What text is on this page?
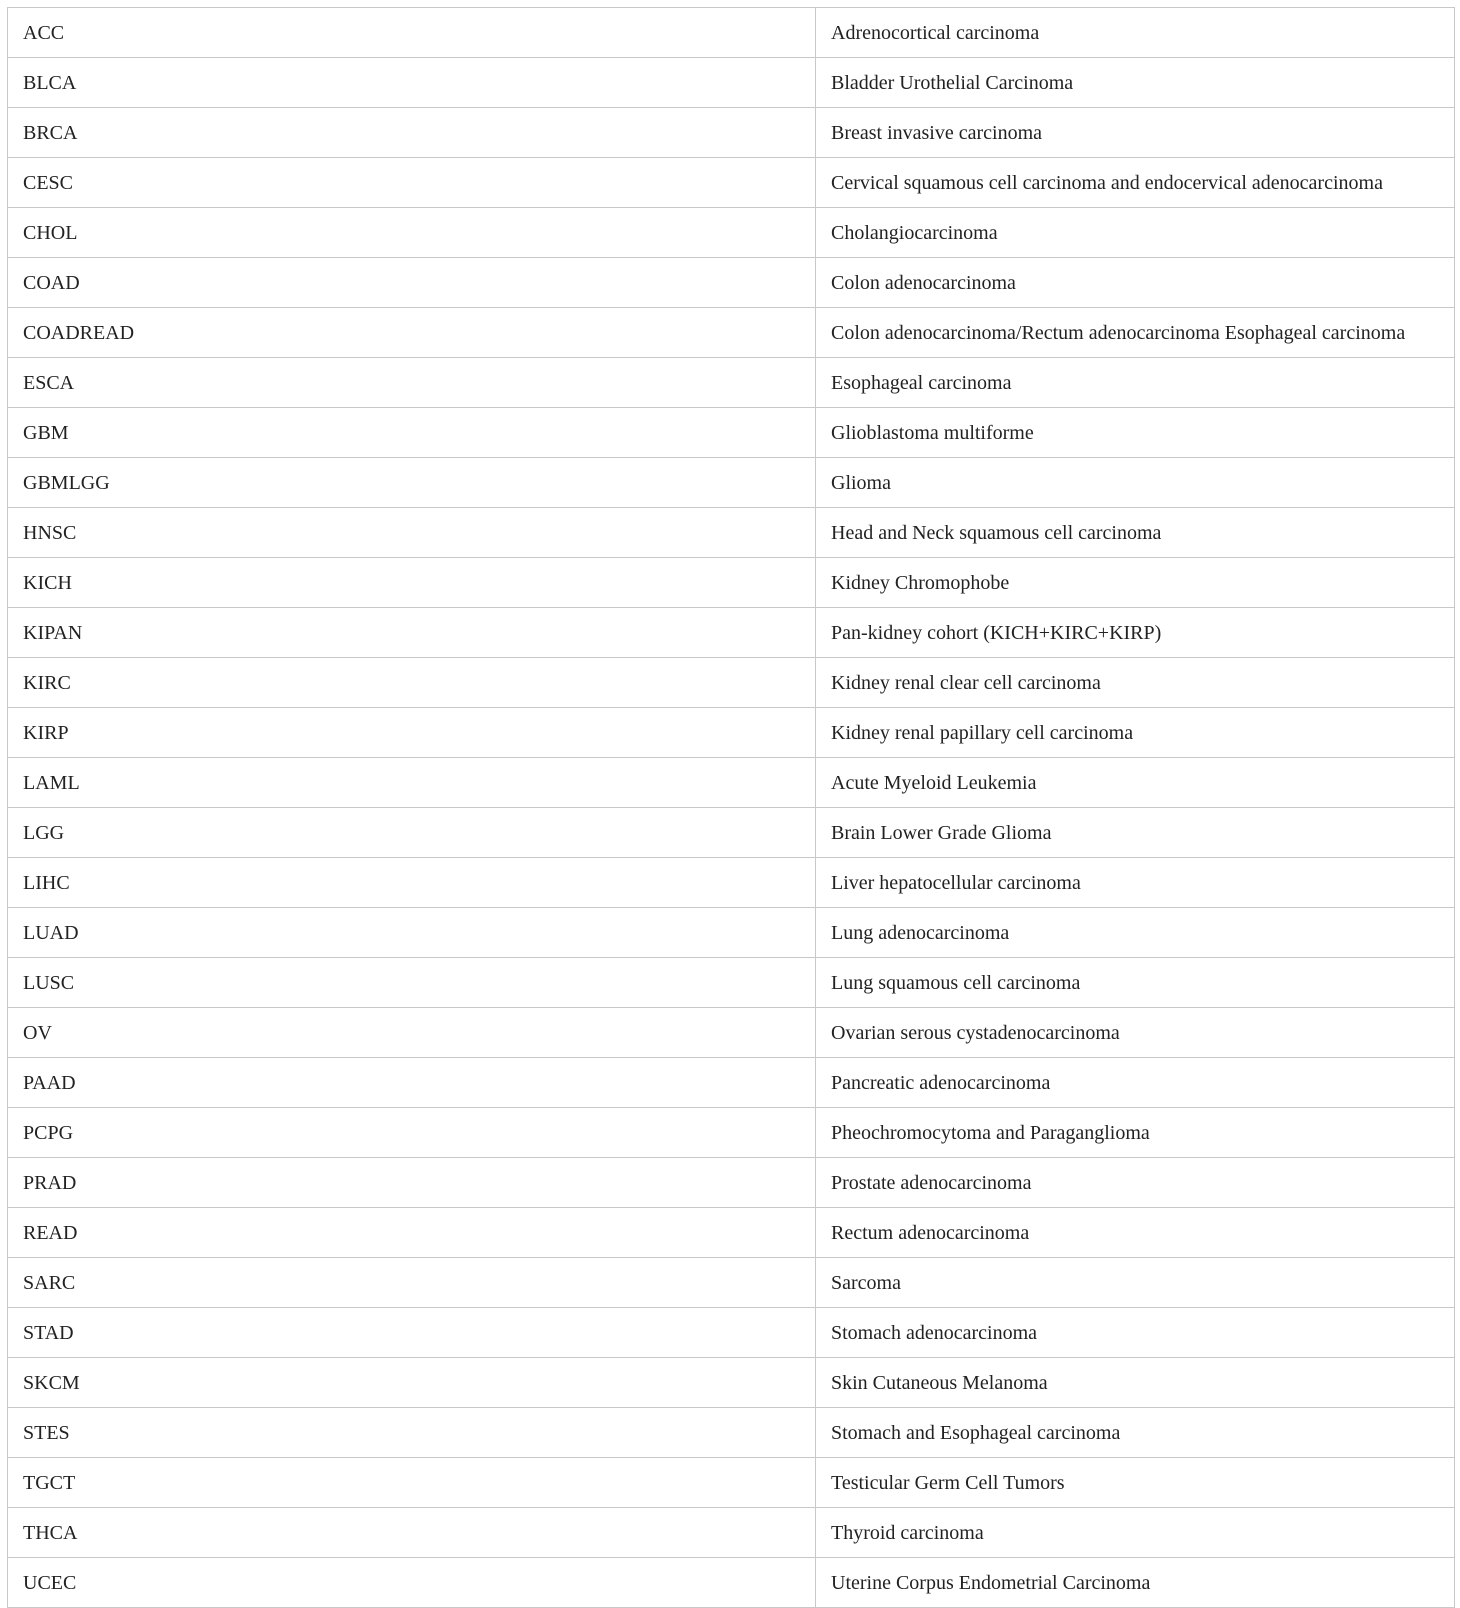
ACC	Adrenocortical carcinoma
BLCA	Bladder Urothelial Carcinoma
BRCA	Breast invasive carcinoma
CESC	Cervical squamous cell carcinoma and endocervical adenocarcinoma
CHOL	Cholangiocarcinoma
COAD	Colon adenocarcinoma
COADREAD	Colon adenocarcinoma/Rectum adenocarcinoma Esophageal carcinoma
ESCA	Esophageal carcinoma
GBM	Glioblastoma multiforme
GBMLGG	Glioma
HNSC	Head and Neck squamous cell carcinoma
KICH	Kidney Chromophobe
KIPAN	Pan-kidney cohort (KICH+KIRC+KIRP)
KIRC	Kidney renal clear cell carcinoma
KIRP	Kidney renal papillary cell carcinoma
LAML	Acute Myeloid Leukemia
LGG	Brain Lower Grade Glioma
LIHC	Liver hepatocellular carcinoma
LUAD	Lung adenocarcinoma
LUSC	Lung squamous cell carcinoma
OV	Ovarian serous cystadenocarcinoma
PAAD	Pancreatic adenocarcinoma
PCPG	Pheochromocytoma and Paraganglioma
PRAD	Prostate adenocarcinoma
READ	Rectum adenocarcinoma
SARC	Sarcoma
STAD	Stomach adenocarcinoma
SKCM	Skin Cutaneous Melanoma
STES	Stomach and Esophageal carcinoma
TGCT	Testicular Germ Cell Tumors
THCA	Thyroid carcinoma
UCEC	Uterine Corpus Endometrial Carcinoma
